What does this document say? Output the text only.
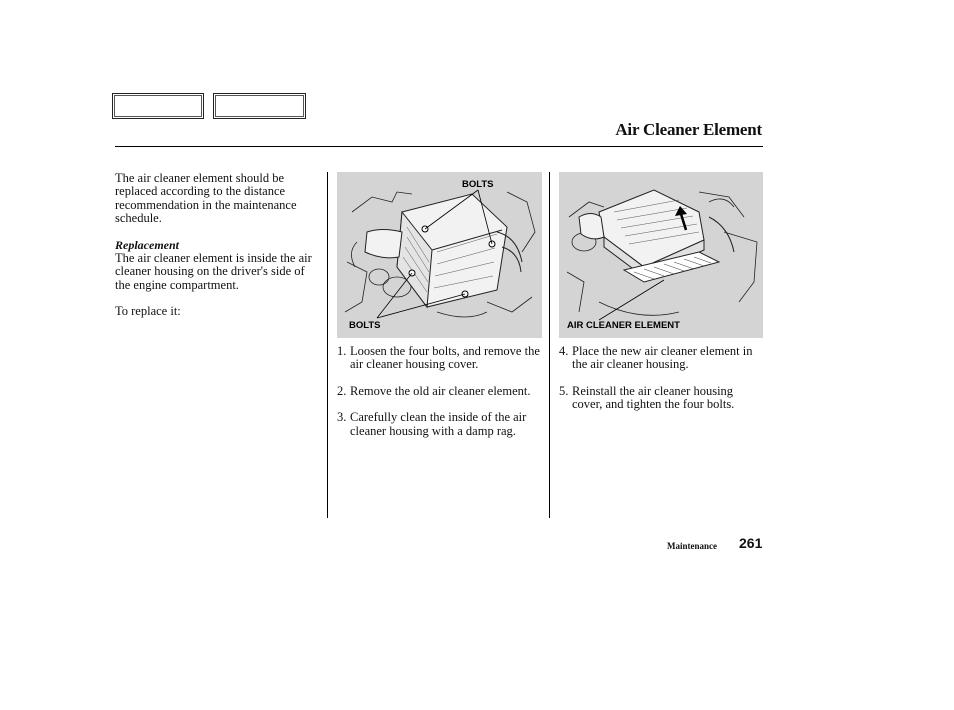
Air Cleaner Element

The air cleaner element should be replaced according to the distance recommendation in the maintenance schedule.

Replacement

The air cleaner element is inside the air cleaner housing on the driver's side of the engine compartment.

To replace it:

BOLTS
BOLTS	AIR CLEANER ELEMENT
1. Loosen the four bolts, and remove the air cleaner housing cover.
2. Remove the old air cleaner element.
3. Carefully clean the inside of the air cleaner housing with a damp rag.
4. Place the new air cleaner element in the air cleaner housing.
5. Reinstall the air cleaner housing cover, and tighten the four bolts.
Maintenance 261
